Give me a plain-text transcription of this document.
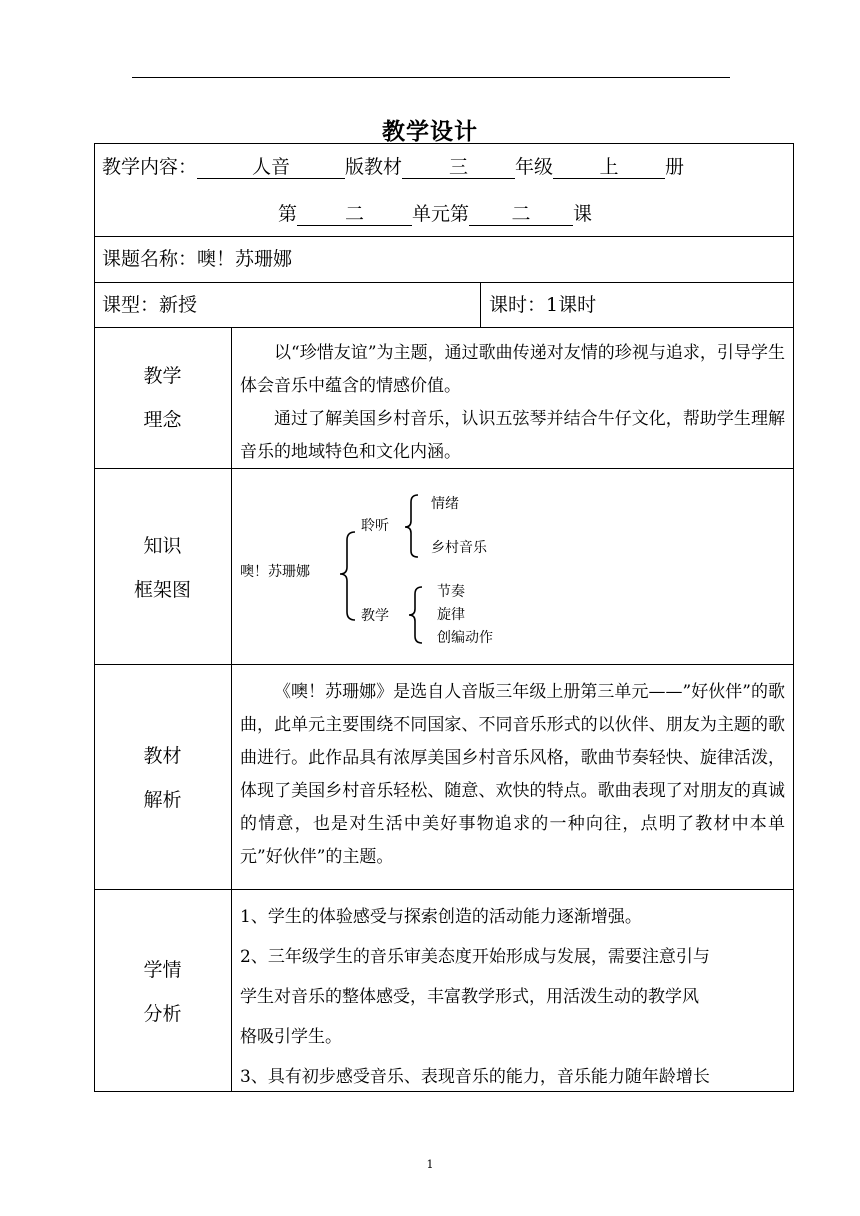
教学设计
教学内容：	人音	版教材 三 年级 上 册
第	二	单元第 二 课
课题名称：噢！苏珊娜
课型：新授	课时：1课时
教学
理念

以“珍惜友谊”为主题，通过歌曲传递对友情的珍视与追求，引导学生体会音乐中蕴含的情感价值。

通过了解美国乡村音乐，认识五弦琴并结合牛仔文化，帮助学生理解音乐的地域特色和文化内涵。

知识
框架图
噢！苏珊娜
聆听
教学
情绪
乡村音乐
节奏
旋律
创编动作
教材
解析

《噢！苏珊娜》是选自人音版三年级上册第三单元——”好伙伴”的歌曲，此单元主要围绕不同国家、不同音乐形式的以伙伴、朋友为主题的歌曲进行。此作品具有浓厚美国乡村音乐风格，歌曲节奏轻快、旋律活泼，体现了美国乡村音乐轻松、随意、欢快的特点。歌曲表现了对朋友的真诚的情意，也是对生活中美好事物追求的一种向往，点明了教材中本单元”好伙伴”的主题。

学情
分析

1、学生的体验感受与探索创造的活动能力逐渐增强。

2、三年级学生的音乐审美态度开始形成与发展，需要注意引与

学生对音乐的整体感受，丰富教学形式，用活泼生动的教学风

格吸引学生。

3、具有初步感受音乐、表现音乐的能力，音乐能力随年龄增长

1
